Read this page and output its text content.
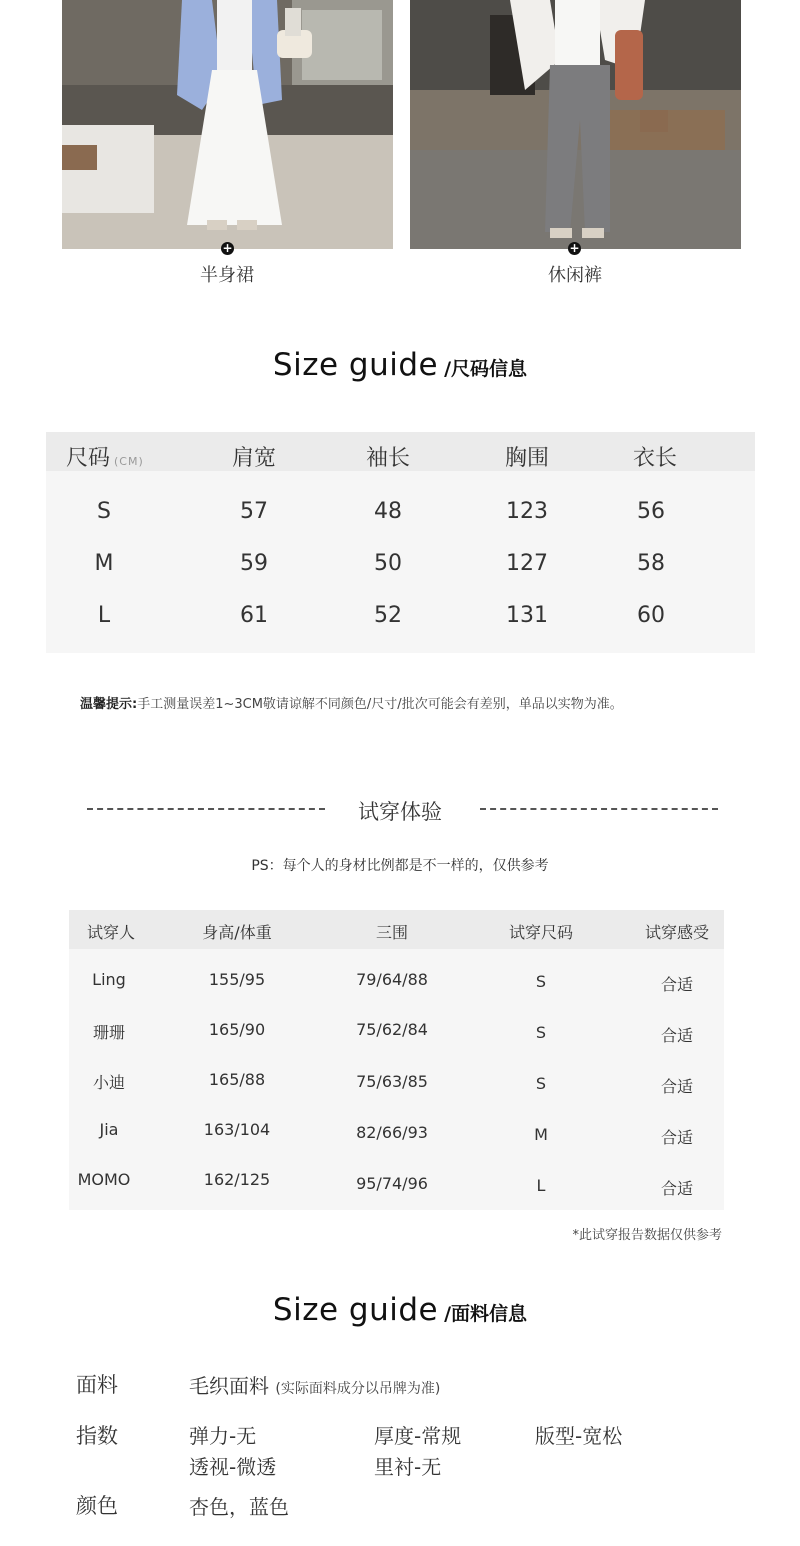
+
半身裙
+
休闲裤
Size guide /尺码信息
尺码 (CM)	肩宽	袖长	胸围	衣长
S	57	48	123	56
M	59	50	127	58
L	61	52	131	60
温馨提示:手工测量误差1~3CM敬请谅解不同颜色/尺寸/批次可能会有差别，单品以实物为准。
试穿体验
PS：每个人的身材比例都是不一样的，仅供参考
试穿人	身高/体重	三围	试穿尺码	试穿感受
Ling	155/95	79/64/88	S	合适
珊珊	165/90	75/62/84	S	合适
小迪	165/88	75/63/85	S	合适
Jia	163/104	82/66/93	M	合适
MOMO	162/125	95/74/96	L	合适
*此试穿报告数据仅供参考
Size guide /面料信息
面料	毛织面料 (实际面料成分以吊牌为准)
指数	弹力-无	厚度-常规	版型-宽松
透视-微透	里衬-无
颜色	杏色，蓝色
